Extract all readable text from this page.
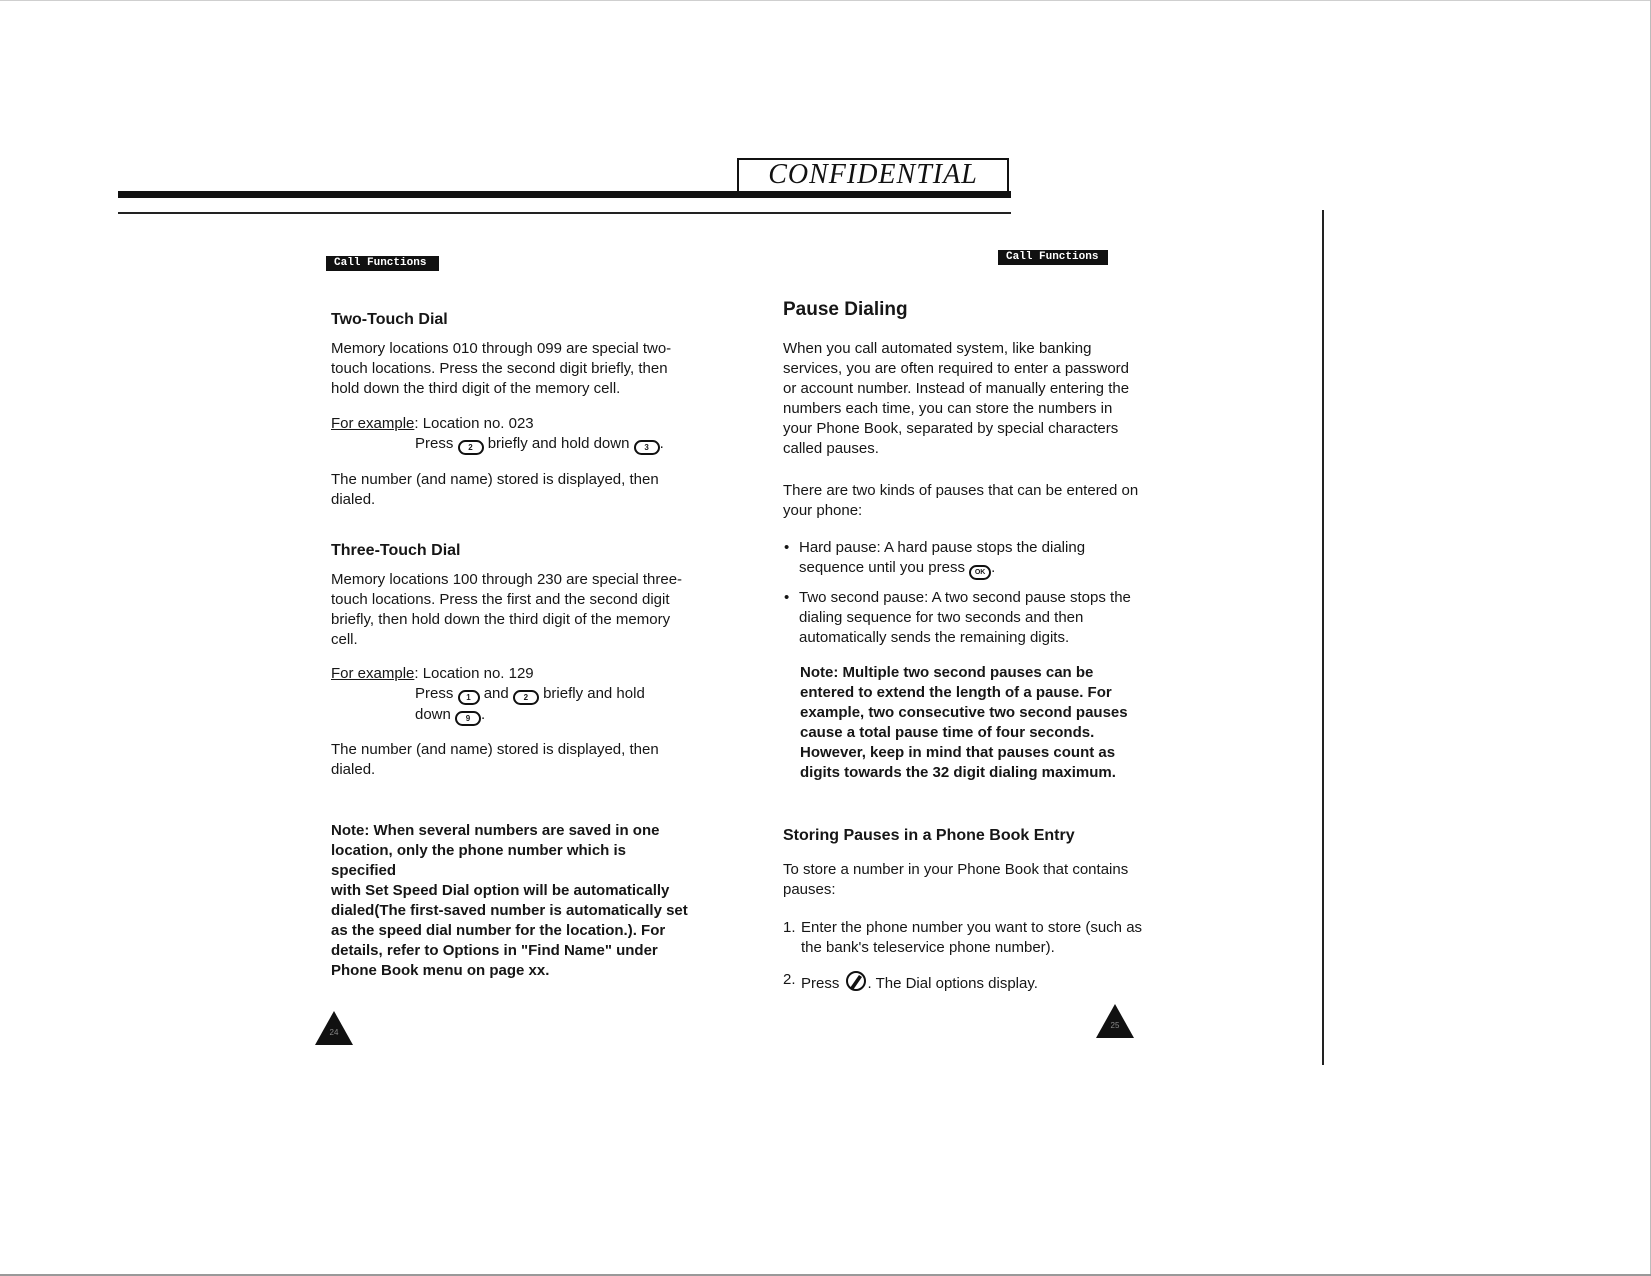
CONFIDENTIAL
Call Functions	Call Functions
Two-Touch Dial

Memory locations 010 through 099 are special two-

touch locations. Press the second digit briefly, then

hold down the third digit of the memory cell.

For example: Location no. 023

Press 2 briefly and hold down 3 .

The number (and name) stored is displayed, then

dialed.

Three-Touch Dial

Memory locations 100 through 230 are special three-

touch locations. Press the first and the second digit

briefly, then hold down the third digit of the memory

cell.

For example: Location no. 129

Press 1 and 2 briefly and hold

down 9 .

The number (and name) stored is displayed, then

dialed.

Note: When several numbers are saved in one

location, only the phone number which is specified

with Set Speed Dial option will be automatically

dialed(The first-saved number is automatically set

as the speed dial number for the location.). For

details, refer to Options in "Find Name" under

Phone Book menu on page xx.

24
Pause Dialing

When you call automated system, like banking

services, you are often required to enter a password

or account number. Instead of manually entering the

numbers each time, you can store the numbers in

your Phone Book, separated by special characters

called pauses.

There are two kinds of pauses that can be entered on

your phone:

• Hard pause: A hard pause stops the dialing
sequence until you press OK .
• Two second pause: A two second pause stops the
dialing sequence for two seconds and then
automatically sends the remaining digits.

Note: Multiple two second pauses can be

entered to extend the length of a pause. For

example, two consecutive two second pauses

cause a total pause time of four seconds.

However, keep in mind that pauses count as

digits towards the 32 digit dialing maximum.

Storing Pauses in a Phone Book Entry

To store a number in your Phone Book that contains

pauses:

1. Enter the phone number you want to store (such as
the bank's teleservice phone number).
2. Press . The Dial options display.
25
